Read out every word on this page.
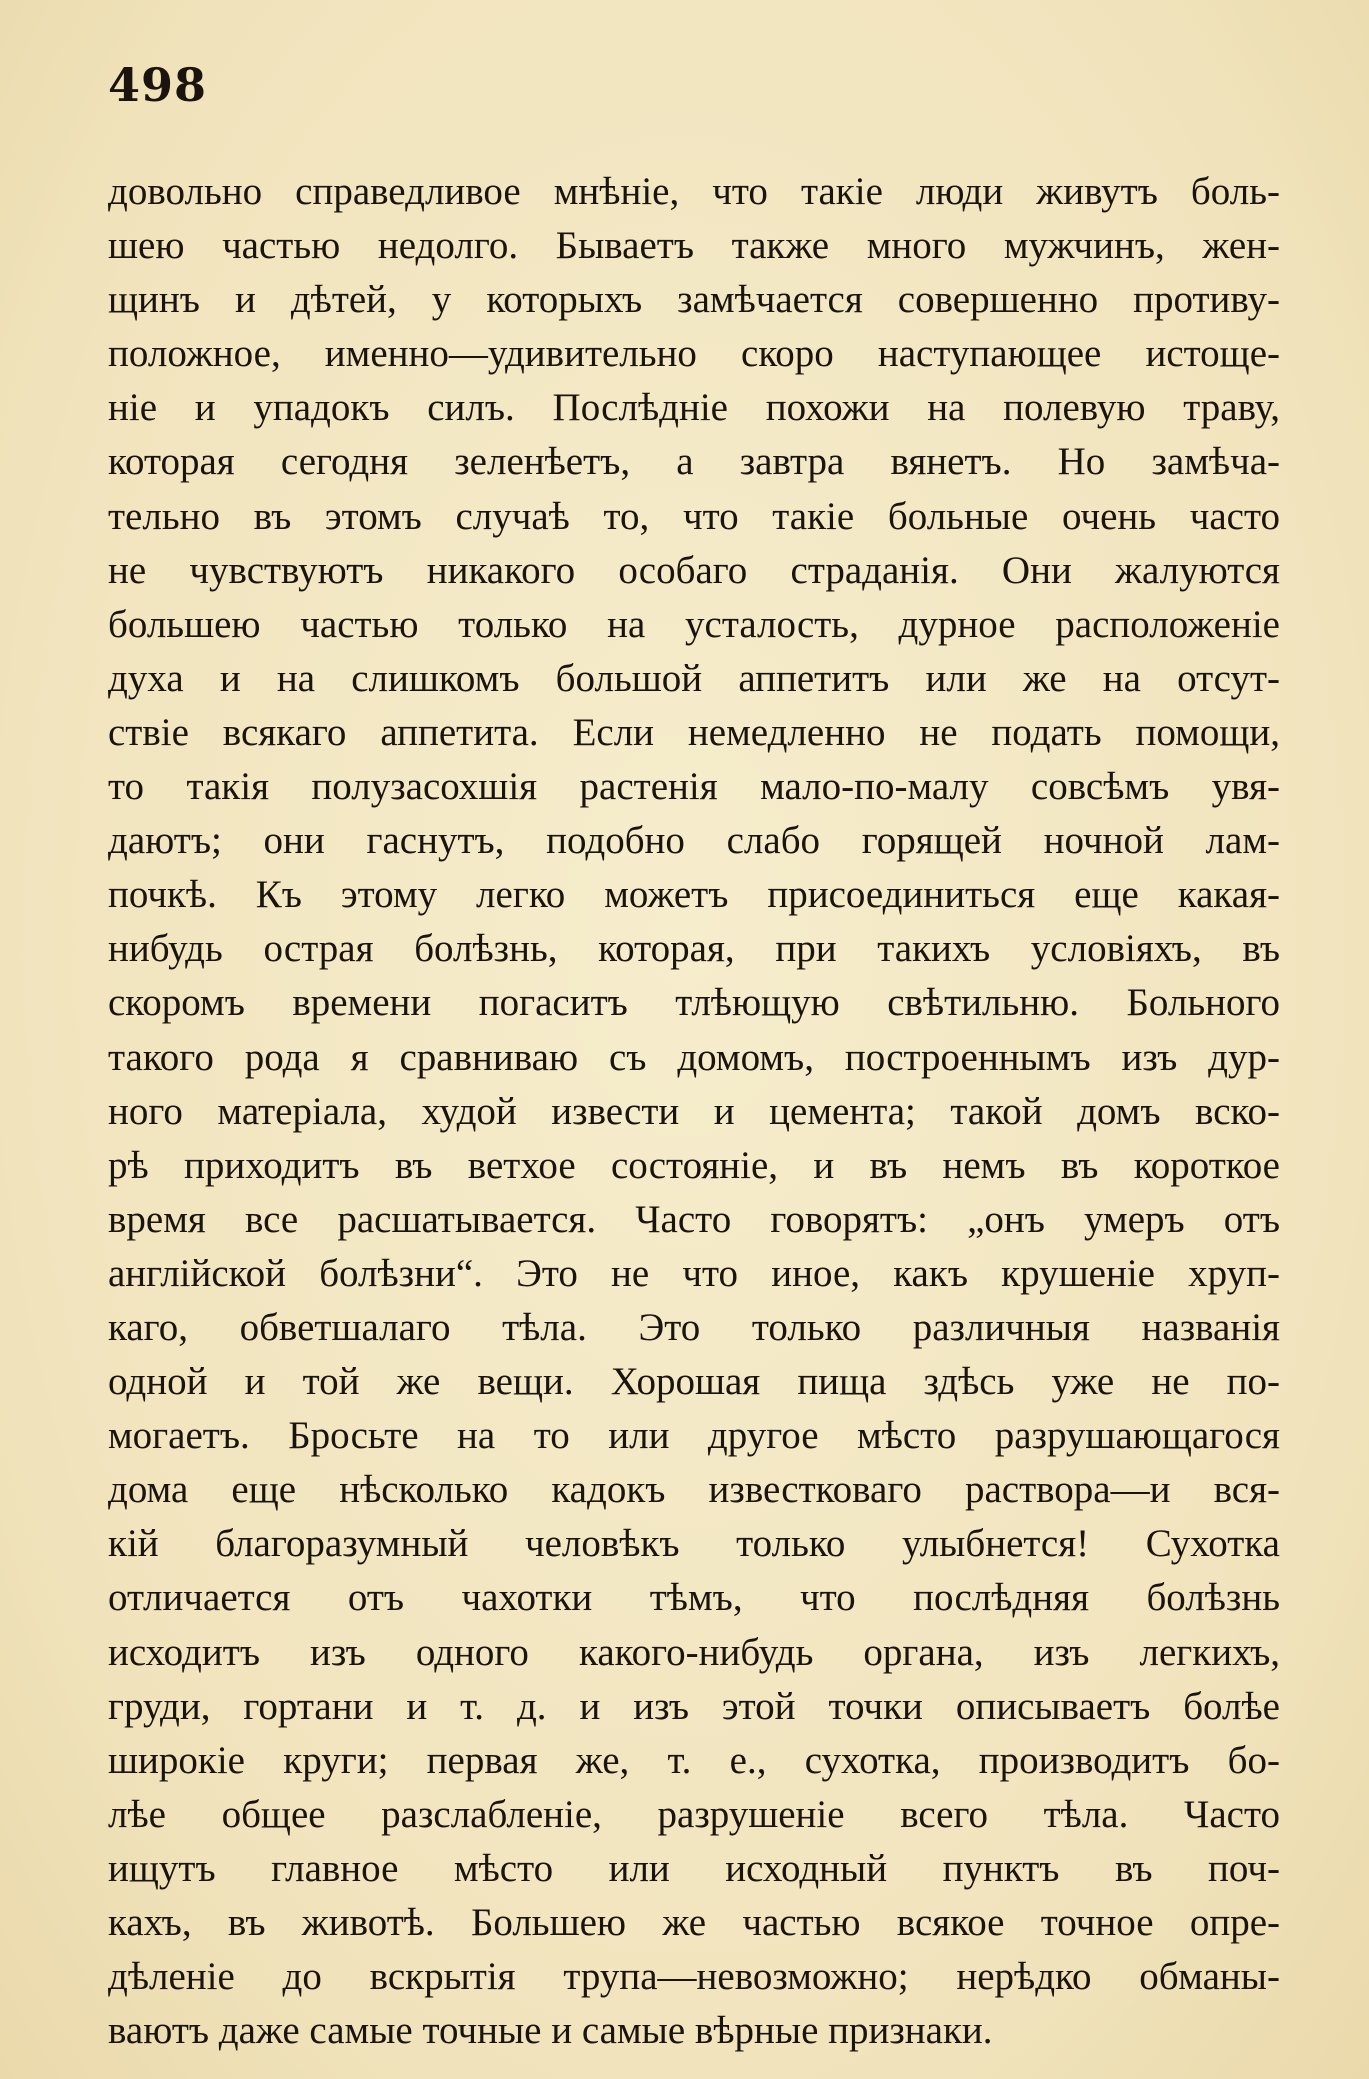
498
довольно справедливое мнѣніе, что такіе люди живутъ боль-
шею частью недолго. Бываетъ также много мужчинъ, жен-
щинъ и дѣтей, у которыхъ замѣчается совершенно противу-
положное, именно—удивительно скоро наступающее истоще-
ніе и упадокъ силъ. Послѣдніе похожи на полевую траву,
которая сегодня зеленѣетъ, а завтра вянетъ. Но замѣча-
тельно въ этомъ случаѣ то, что такіе больные очень часто
не чувствуютъ никакого особаго страданія. Они жалуются
большею частью только на усталость, дурное расположеніе
духа и на слишкомъ большой аппетитъ или же на отсут-
ствіе всякаго аппетита. Если немедленно не подать помощи,
то такія полузасохшія растенія мало-по-малу совсѣмъ увя-
даютъ; они гаснутъ, подобно слабо горящей ночной лам-
почкѣ. Къ этому легко можетъ присоединиться еще какая-
нибудь острая болѣзнь, которая, при такихъ условіяхъ, въ
скоромъ времени погаситъ тлѣющую свѣтильню. Больного
такого рода я сравниваю съ домомъ, построеннымъ изъ дур-
ного матеріала, худой извести и цемента; такой домъ вско-
рѣ приходитъ въ ветхое состояніе, и въ немъ въ короткое
время все расшатывается. Часто говорятъ: „онъ умеръ отъ
англійской болѣзни“. Это не что иное, какъ крушеніе хруп-
каго, обветшалаго тѣла. Это только различныя названія
одной и той же вещи. Хорошая пища здѣсь уже не по-
могаетъ. Бросьте на то или другое мѣсто разрушающагося
дома еще нѣсколько кадокъ известковаго раствора—и вся-
кій благоразумный человѣкъ только улыбнется! Сухотка
отличается отъ чахотки тѣмъ, что послѣдняя болѣзнь
исходитъ изъ одного какого-нибудь органа, изъ легкихъ,
груди, гортани и т. д. и изъ этой точки описываетъ болѣе
широкіе круги; первая же, т. е., сухотка, производитъ бо-
лѣе общее разслабленіе, разрушеніе всего тѣла. Часто
ищутъ главное мѣсто или исходный пунктъ въ поч-
кахъ, въ животѣ. Большею же частью всякое точное опре-
дѣленіе до вскрытія трупа—невозможно; нерѣдко обманы-
ваютъ даже самые точные и самые вѣрные признаки.
